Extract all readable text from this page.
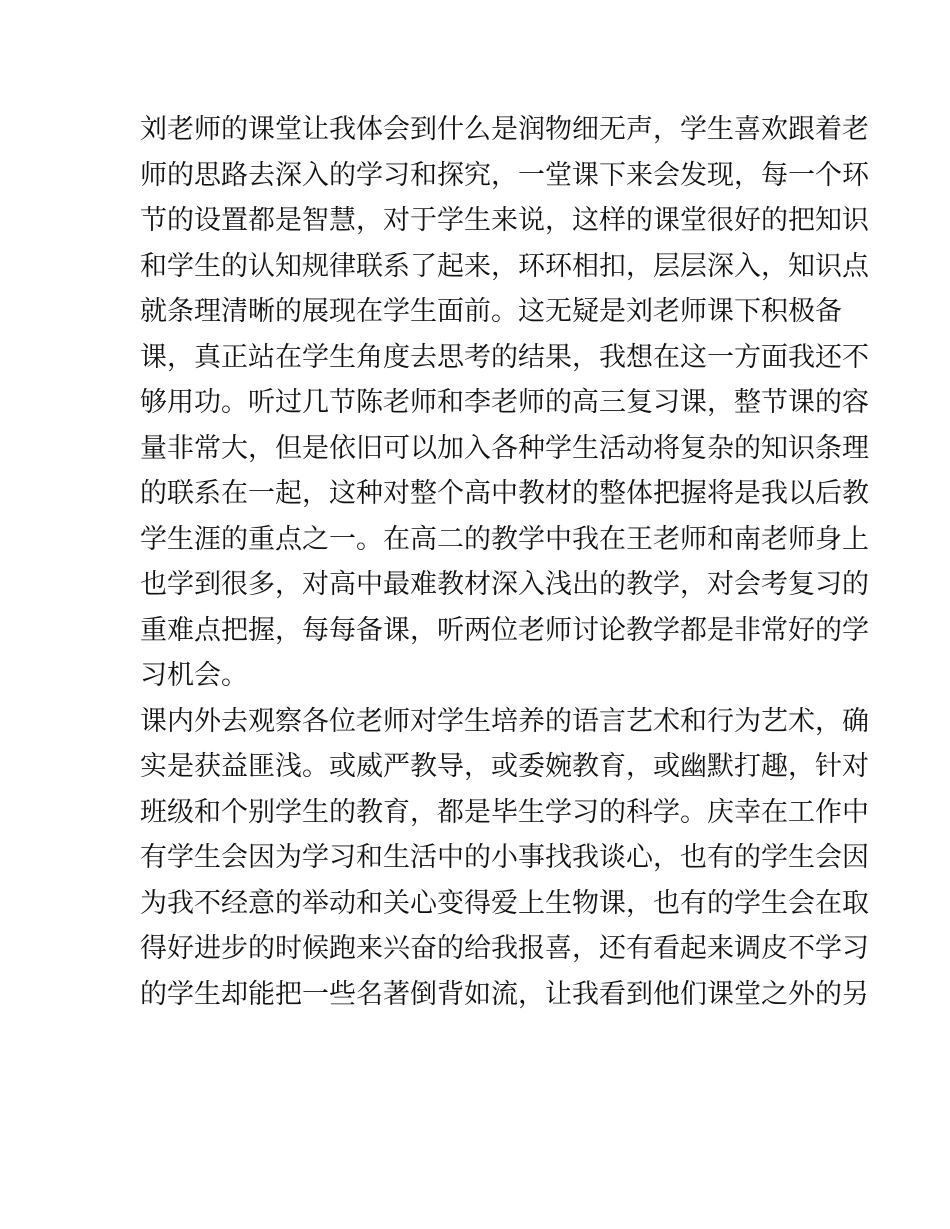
刘老师的课堂让我体会到什么是润物细无声，学生喜欢跟着老
师的思路去深入的学习和探究，一堂课下来会发现，每一个环
节的设置都是智慧，对于学生来说，这样的课堂很好的把知识
和学生的认知规律联系了起来，环环相扣，层层深入，知识点
就条理清晰的展现在学生面前。这无疑是刘老师课下积极备
课，真正站在学生角度去思考的结果，我想在这一方面我还不
够用功。听过几节陈老师和李老师的高三复习课，整节课的容
量非常大，但是依旧可以加入各种学生活动将复杂的知识条理
的联系在一起，这种对整个高中教材的整体把握将是我以后教
学生涯的重点之一。在高二的教学中我在王老师和南老师身上
也学到很多，对高中最难教材深入浅出的教学，对会考复习的
重难点把握，每每备课，听两位老师讨论教学都是非常好的学
习机会。
课内外去观察各位老师对学生培养的语言艺术和行为艺术，确
实是获益匪浅。或威严教导，或委婉教育，或幽默打趣，针对
班级和个别学生的教育，都是毕生学习的科学。庆幸在工作中
有学生会因为学习和生活中的小事找我谈心，也有的学生会因
为我不经意的举动和关心变得爱上生物课，也有的学生会在取
得好进步的时候跑来兴奋的给我报喜，还有看起来调皮不学习
的学生却能把一些名著倒背如流，让我看到他们课堂之外的另
